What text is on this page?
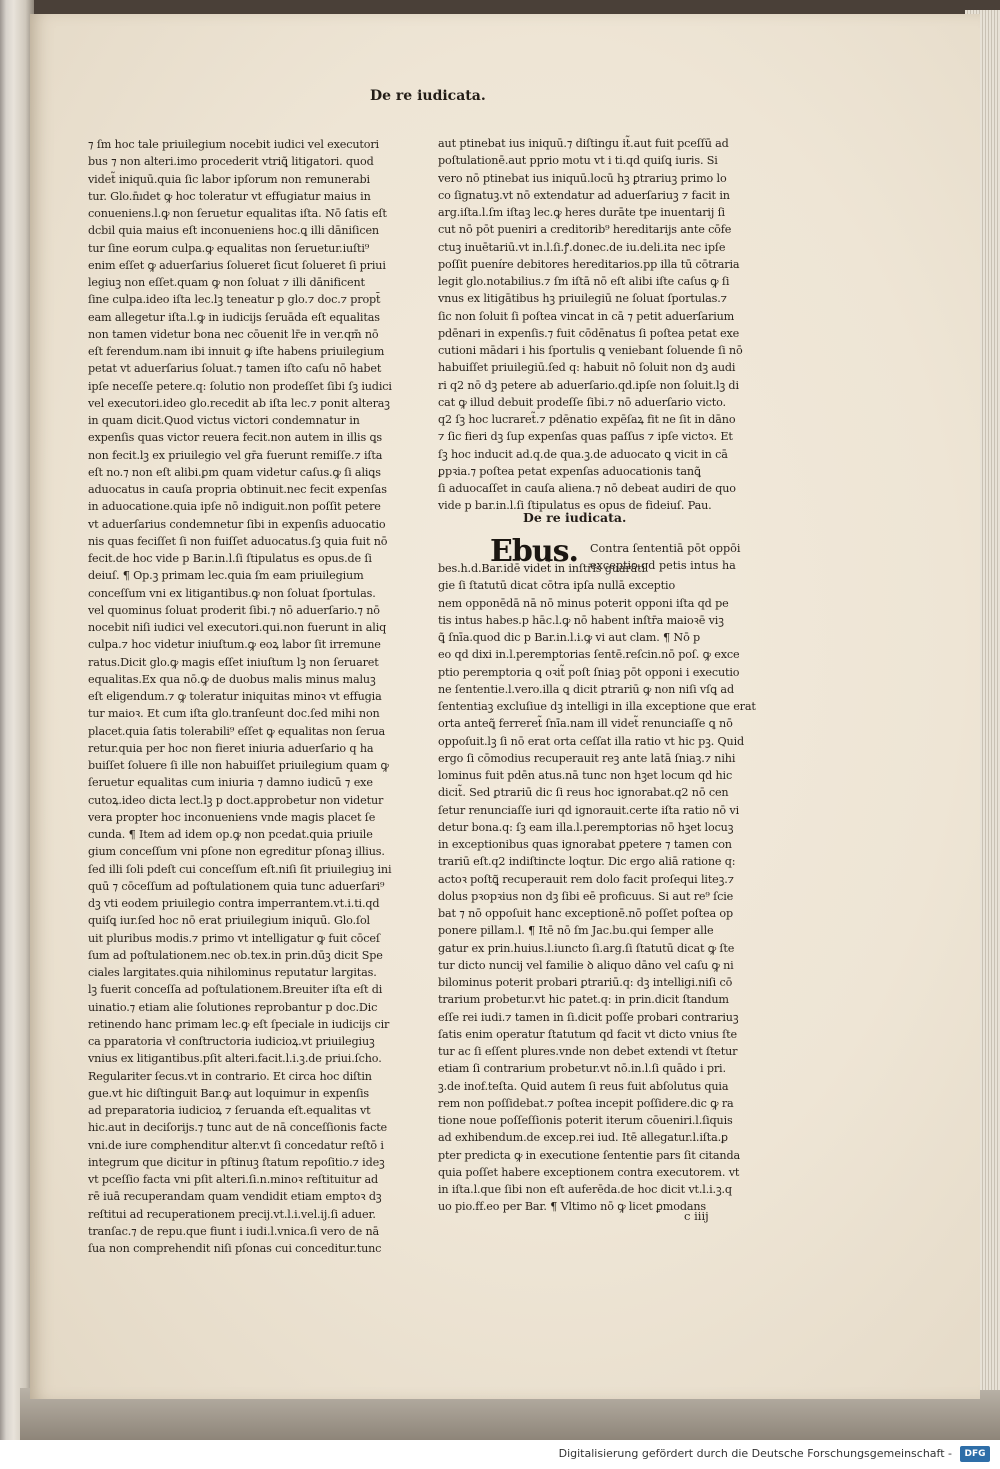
De re iudicata.
⁊ ſm hoc tale priuilegium nocebit iudici vel executori
bus ⁊ non alteri.imo procederit vtriꝗ̃ litigatori. quod
videt̃ iniquū.quia ſic labor ipſorum non remunerabi
tur. Glo.n̄ıdet ꝙ hoc toleratur vt effugiatur maius in
conueniens.l.ꝙ non ſeruetur equalitas iſta. Nō ſatis eſt
dcbil quia maius eſt inconueniens hoc.ꝗ illi dāniſicen
tur ſine eorum culpa.ꝙ equalitas non ſeruetur.iuſti⁹
enim eſſet ꝙ aduerſarius ſolueret ſicut ſolueret ſi priui
legiuꝫ non eſſet.quam ꝙ non ſoluat ⁊ illi dānificent
ſine culpa.ideo iſta lec.lꝫ teneatur p glo.⁊ doc.⁊ propt̄
eam allegetur iſta.l.ꝙ in iudicijs ſeruāda eſt equalitas
non tamen videtur bona nec cōuenit lr̄e in ver.qm̄ nō
eſt ferendum.nam ibi innuit ꝙ iſte habens priuilegium
petat vt aduerſarius ſoluat.⁊ tamen iſto caſu nō habet
ipſe neceſſe petere.q: ſolutio non prodeſſet ſibi ſꝫ iudici
vel executori.ideo glo.recedit ab iſta lec.⁊ ponit alteraꝫ
in quam dicit.Quod victus victori condemnatur in
expenſis quas victor reuera fecit.non autem in illis ꝗs
non fecit.lꝫ ex priuilegio vel gr̄a fuerunt remiſſe.⁊ iſta
eſt no.⁊ non eſt alibi.ꝑm quam videtur caſus.ꝙ ſi aliꝗs
aduocatus in cauſa propria obtinuit.nec fecit expenſas
in aduocatione.quia ipſe nō indiguit.non poſſit petere
vt aduerſarius condemnetur ſibi in expenſis aduocatio
nis quas feciſſet ſi non fuiſſet aduocatus.ſꝫ quia fuit nō
fecit.de hoc vide p Bar.in.l.ſi ſtipulatus es opus.de ſi
deiuſ. ¶ Op.ꝫ primam lec.quia ſm eam priuilegium
conceſſum vni ex litigantibus.ꝙ non ſoluat ſportulas.
vel quominus ſoluat proderit ſibi.⁊ nō aduerſario.⁊ nō
nocebit niſi iudici vel executori.qui.non fuerunt in aliq
culpa.⁊ hoc videtur iniuſtum.ꝙ eoꝝ labor ſit irremune
ratus.Dicit glo.ꝙ magis eſſet iniuſtum lꝫ non ſeruaret
equalitas.Ex qua nō.ꝙ de duobus malis minus maluꝫ
eſt eligendum.⁊ ꝙ toleratur iniquitas minoꝛ vt effugia
tur maioꝛ. Et cum iſta glo.tranſeunt doc.ſed mihi non
placet.quia ſatis tolerabili⁹ eſſet ꝙ equalitas non ſerua
retur.quia per hoc non fieret iniuria aduerſario q ha
buiſſet ſoluere ſi ille non habuiſſet priuilegium quam ꝙ
ſeruetur equalitas cum iniuria ⁊ damno iudicū ⁊ exe
cutoꝝ.ideo dicta lect.lꝫ p doct.approbetur non videtur
vera propter hoc inconueniens vnde magis placet ſe
cunda. ¶ Item ad idem op.ꝙ non pcedat.quia priuile
gium conceſſum vni pſone non egreditur pſonaꝫ illius.
ſed illi ſoli pdeſt cui conceſſum eſt.niſi ſit priuilegiuꝫ ini
quū ⁊ cōceſſum ad poſtulationem quia tunc aduerſari⁹
dꝫ vti eodem priuilegio contra imperrantem.vt.i.ti.qd
quiſꝗ iur.ſed hoc nō erat priuilegium iniquū. Glo.ſol
uit pluribus modis.⁊ primo vt intelligatur ꝙ fuit cōceſ
ſum ad poſtulationem.nec ob.tex.in prin.dūꝫ dicit Spe
ciales largitates.quia nihilominus reputatur largitas.
lꝫ fuerit conceſſa ad poſtulationem.Breuiter iſta eſt di
uinatio.⁊ etiam alie ſolutiones reprobantur p doc.Dic
retinendo hanc primam lec.ꝙ eſt ſpeciale in iudicijs cir
ca pparatoria vł conſtructoria iudicioꝝ.vt priuilegiuꝫ
vnius ex litigantibus.pſit alteri.facit.l.i.ꝫ.de priui.ſcho.
Regulariter ſecus.vt in contrario. Et circa hoc diſtin
gue.vt hic diſtinguit Bar.ꝙ aut loquimur in expenſis
ad preparatoria iudicioꝝ ⁊ ſeruanda eſt.equalitas vt
hic.aut in deciſorijs.⁊ tunc aut de nā conceſſionis facte
vni.de iure comꝑhenditur alter.vt ſi concedatur reſtō i
integrum que dicitur in pſtinuꝫ ſtatum repoſitio.⁊ ideꝫ
vt pceſſio facta vni pſit alteri.ſi.n.minoꝛ reſtituitur ad
rē iuā recuperandam quam vendidit etiam emptoꝛ dꝫ
reſtitui ad recuperationem precij.vt.l.i.vel.ij.ſi aduer.
tranſac.⁊ de repu.que fiunt i iudi.l.vnica.ſi vero de nā
ſua non comprehendit niſi pſonas cui conceditur.tunc
aut ptinebat ius iniquū.⁊ diſtingu it̃.aut fuit pceſſū ad
poſtulationē.aut pprio motu vt i ti.qd quiſꝗ iuris. Si
vero nō ptinebat ius iniquū.locū hꝫ ꝑtrariuꝫ primo lo
co ſignatuꝫ.vt nō extendatur ad aduerſariuꝫ ⁊ facit in
arg.iſta.l.ſm iſtaꝫ lec.ꝙ heres durāte tpe inuentarij ſi
cut nō pōt pueniri a creditorib⁹ hereditarijs ante cōfe
ctuꝫ inuētariū.vt in.l.ſi.ꝭ.donec.de iu.deli.ita nec ipſe
poſſit pueníre debitores hereditarios.pp illa tū cōtraria
legit glo.notabilius.⁊ ſm iſtā nō eſt alibi iſte caſus ꝙ ſi
vnus ex litigātibus hꝫ priuilegiū ne ſoluat ſportulas.⁊
ſic non ſoluit ſi poſtea vincat in cā ⁊ petit aduerſarium
pdēnari in expenſis.⁊ fuit cōdēnatus ſi poſtea petat exe
cutioni mādari i his ſportulis ꝗ veniebant ſoluende ſi nō
habuiſſet priuilegiū.ſed q: habuit nō ſoluit non dꝫ audi
ri q2 nō dꝫ petere ab aduerſario.qd.ipſe non ſoluit.lꝫ di
cat ꝙ illud debuit prodeſſe ſibi.⁊ nō aduerſario victo.
q2 ſꝫ hoc lucraret̃.⁊ pdēnatio expēſaꝝ fit ne ſit in dāno
⁊ ſic fieri dꝫ ſup expenſas quas paſſus ⁊ ipſe victoꝛ. Et
ſꝫ hoc inducit ad.q.de qua.ꝫ.de aduocato ꝗ vicit in cā
ꝑpꝛia.⁊ poſtea petat expenſas aduocationis tanꝗ̃
ſi aduocaſſet in cauſa aliena.⁊ nō debeat audiri de quo
vide p bar.in.l.ſi ſtipulatus es opus de fideiuſ. Pau.
De re iudicata.
Ebus. Contra ſententiā pōt oppōi
exceptio.qd petis intus ha
bes.h.d.Bar.idē videt̃ in inſtr̄is guarāti
gie ſi ſtatutū dicat cōtra ipſa nullā exceptio
nem opponēdā nā nō minus poterit opponi iſta qd pe
tis intus habes.p hāc.l.ꝙ nō habent inſtr̄a maioꝛē viꝫ
ꝗ̃ ſnīa.quod dic p Bar.in.l.i.ꝙ vi aut clam. ¶ Nō p
eo qd dixi in.l.peremptorias ſentē.reſcin.nō poſ. ꝙ exce
ptio peremptoria ꝗ oꝛit̃ poſt ſniaꝫ pōt opponi i executio
ne ſententie.l.vero.illa ꝗ dicit ꝑtrariū ꝙ non niſi vſꝗ ad
ſententiaꝫ excluſiue dꝫ intelligi in illa exceptione que erat
orta anteꝗ̃ ferreret̃ ſnīa.nam ill videt̃ renunciaſſe ꝗ nō
oppoſuit.lꝫ ſi nō erat orta ceſſat illa ratio vt hic pꝫ. Quid
ergo ſi cōmodius recuperauit reꝫ ante latā ſniaꝫ.⁊ nihi
lominus fuit pdēn atus.nā tunc non hꝫet locum qd hic
dicit̃. Sed ꝑtrariū dic ſi reus hoc ignorabat.q2 nō cen
ſetur renunciaſſe iuri qd ignorauit.certe iſta ratio nō vi
detur bona.q: ſꝫ eam illa.l.peremptorias nō hꝫet locuꝫ
in exceptionibus quas ignorabat ꝑpetere ⁊ tamen con
trariū eſt.q2 indiſtincte loqtur. Dic ergo aliā ratione q:
actoꝛ poſtꝗ̃ recuperauit rem dolo facit proſequi liteꝫ.⁊
dolus pꝛopꝛius non dꝫ ſibi eē proficuus. Si aut re⁹ ſcie
bat ⁊ nō oppoſuit hanc exceptionē.nō poſſet poſtea op
ponere pillam.l. ¶ Itē nō ſm Jac.bu.qui ſemper alle
gatur ex prin.huius.l.iuncto ſi.arg.ſi ſtatutū dicat ꝙ ſte
tur dicto nuncij vel familie ꝺ aliquo dāno vel caſu ꝙ ni
bilominus poterit probari ꝑtrariū.q: dꝫ intelligi.niſi cō
trarium probetur.vt hic patet.q: in prin.dicit ſtandum
eſſe rei iudi.⁊ tamen in ſi.dicit poſſe probari contrariuꝫ
ſatis enim operatur ſtatutum qd facit vt dicto vnius ſte
tur ac ſi eſſent plures.vnde non debet extendi vt ſtetur
etiam ſi contrarium probetur.vt nō.in.l.ſi quādo i pri.
ꝫ.de inof.teſta. Quid autem ſi reus fuit abſolutus quia
rem non poſſidebat.⁊ poſtea incepit poſſidere.dic ꝙ ra
tione noue poſſeſſionis poterit iterum cōueniri.l.ſiquis
ad exhibendum.de excep.rei iud. Itē allegatur.l.iſta.ꝑ
pter predicta ꝙ in executione ſententie pars ſit citanda
quia poſſet habere exceptionem contra executorem. vt
in iſta.l.que ſibi non eſt auferēda.de hoc dicit vt.l.i.ꝫ.q
uo pio.ff.eo per Bar. ¶ Vltimo nō ꝙ licet ꝑmodans
c iiij
Digitalisierung gefördert durch die Deutsche Forschungsgemeinschaft -	DFG
